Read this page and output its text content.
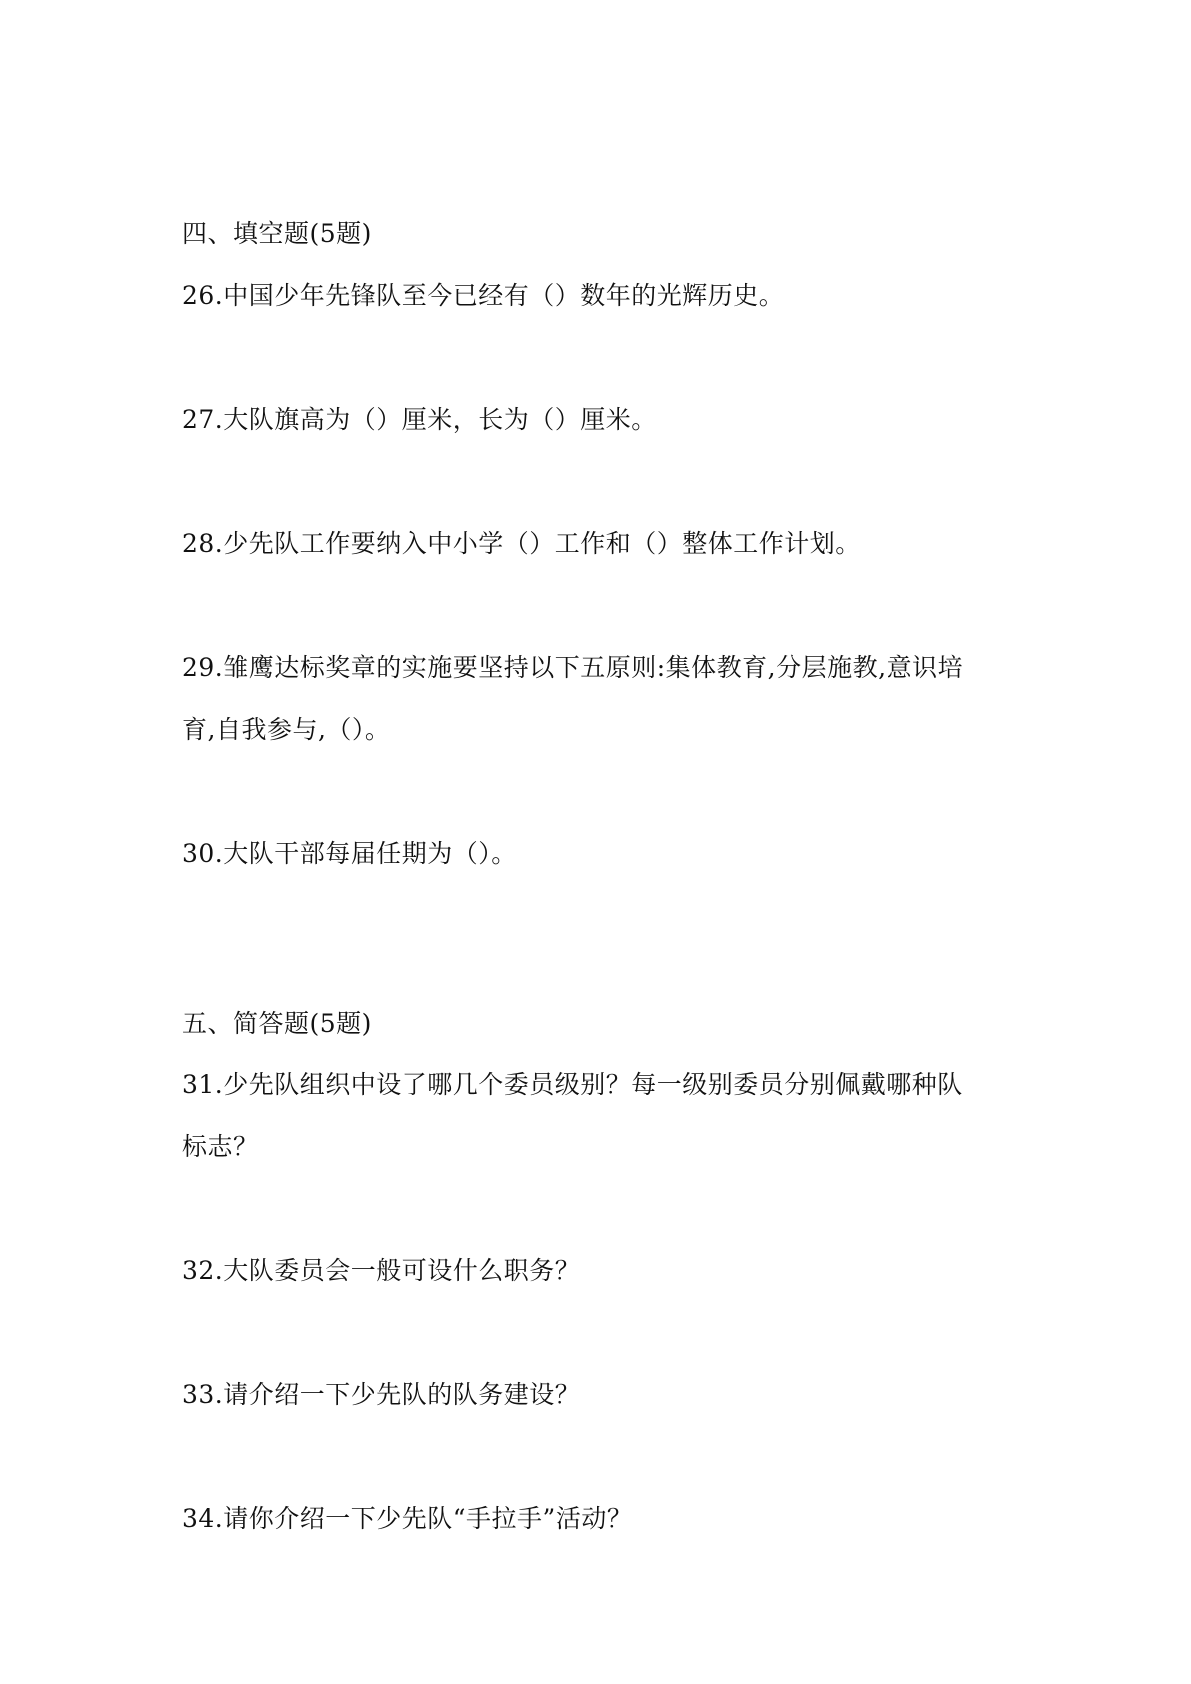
四、填空题(5题)
26.中国少年先锋队至今已经有（）数年的光辉历史。
27.大队旗高为（）厘米，长为（）厘米。
28.少先队工作要纳入中小学（）工作和（）整体工作计划。
29.雏鹰达标奖章的实施要坚持以下五原则:集体教育,分层施教,意识培
育,自我参与,（）。
30.大队干部每届任期为（）。
五、简答题(5题)
31.少先队组织中设了哪几个委员级别？每一级别委员分别佩戴哪种队
标志？
32.大队委员会一般可设什么职务？
33.请介绍一下少先队的队务建设？
34.请你介绍一下少先队“手拉手”活动？
